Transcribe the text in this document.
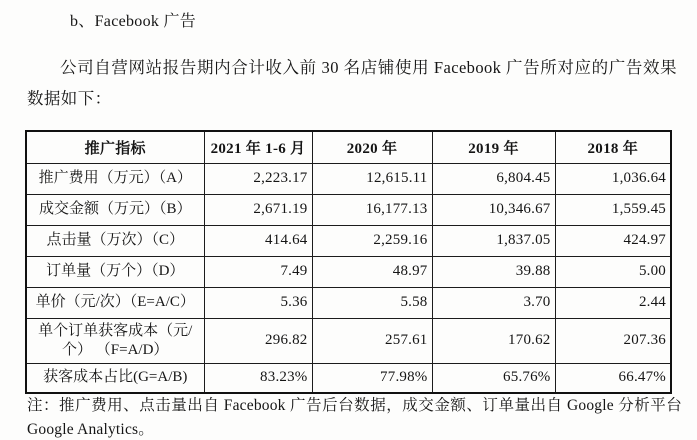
b、Facebook 广告

公司自营网站报告期内合计收入前 30 名店铺使用 Facebook 广告所对应的广告效果数据如下：

推广指标	2021 年 1-6 月	2020 年	2019 年	2018 年
推广费用（万元）（A）	2,223.17	12,615.11	6,804.45	1,036.64
成交金额（万元）（B）	2,671.19	16,177.13	10,346.67	1,559.45
点击量（万次）（C）	414.64	2,259.16	1,837.05	424.97
订单量（万个）（D）	7.49	48.97	39.88	5.00
单价（元/次）（E=A/C）	5.36	5.58	3.70	2.44
单个订单获客成本（元/个） （F=A/D）	296.82	257.61	170.62	207.36
获客成本占比(G=A/B)	83.23%	77.98%	65.76%	66.47%

注：推广费用、点击量出自 Facebook 广告后台数据，成交金额、订单量出自 Google 分析平台 Google Analytics。
